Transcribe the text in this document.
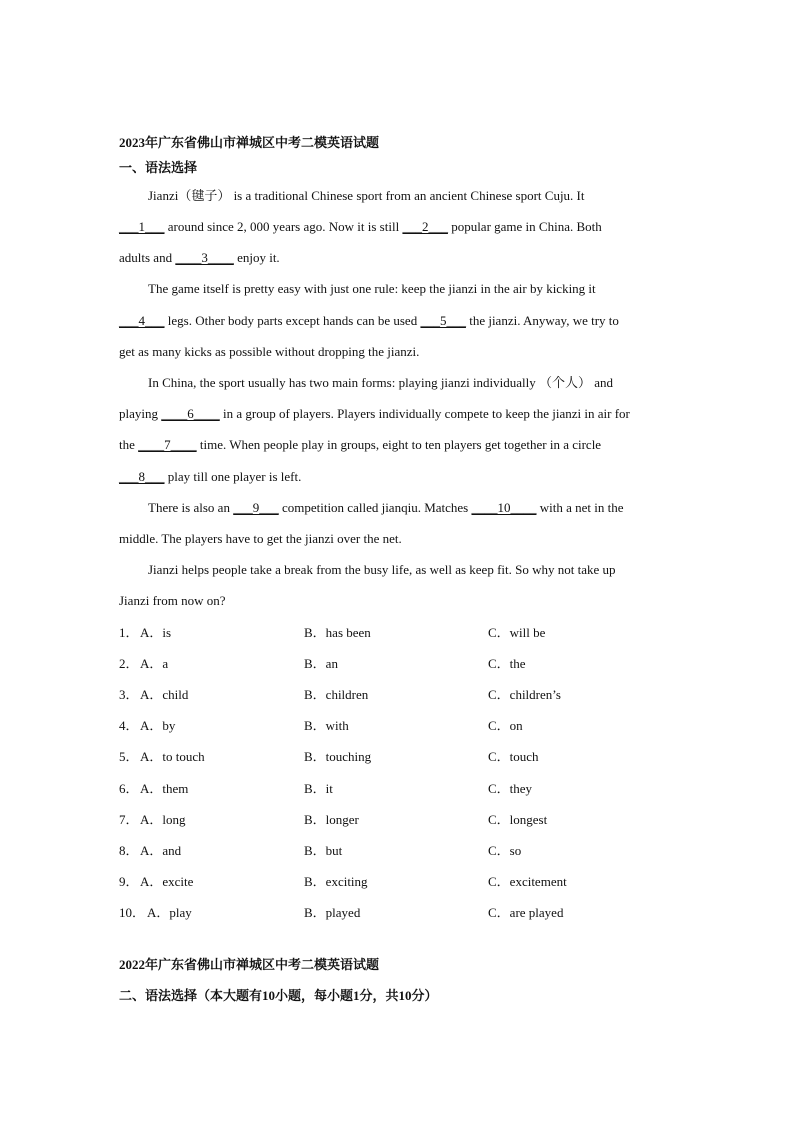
2023年广东省佛山市禅城区中考二模英语试题
一、语法选择
Jianzi（毽子） is a traditional Chinese sport from an ancient Chinese sport Cuju. It
___1___ around since 2, 000 years ago. Now it is still ___2___ popular game in China. Both
adults and ____3____ enjoy it.
The game itself is pretty easy with just one rule: keep the jianzi in the air by kicking it
___4___ legs. Other body parts except hands can be used ___5___ the jianzi. Anyway, we try to
get as many kicks as possible without dropping the jianzi.
In China, the sport usually has two main forms: playing jianzi individually （个人） and
playing ____6____ in a group of players. Players individually compete to keep the jianzi in air for
the ____7____ time. When people play in groups, eight to ten players get together in a circle
___8___ play till one player is left.
There is also an ___9___ competition called jianqiu. Matches ____10____ with a net in the
middle. The players have to get the jianzi over the net.
Jianzi helps people take a break from the busy life, as well as keep fit. So why not take up
Jianzi from now on?
1． A．is	B．has been	C．will be
2． A．a	B．an	C．the
3． A．child	B．children	C．children’s
4． A．by	B．with	C．on
5． A．to touch	B．touching	C．touch
6． A．them	B．it	C．they
7． A．long	B．longer	C．longest
8． A．and	B．but	C．so
9． A．excite	B．exciting	C．excitement
10． A．play	B．played	C．are played
2022年广东省佛山市禅城区中考二模英语试题
二、语法选择（本大题有10小题，每小题1分，共10分）
